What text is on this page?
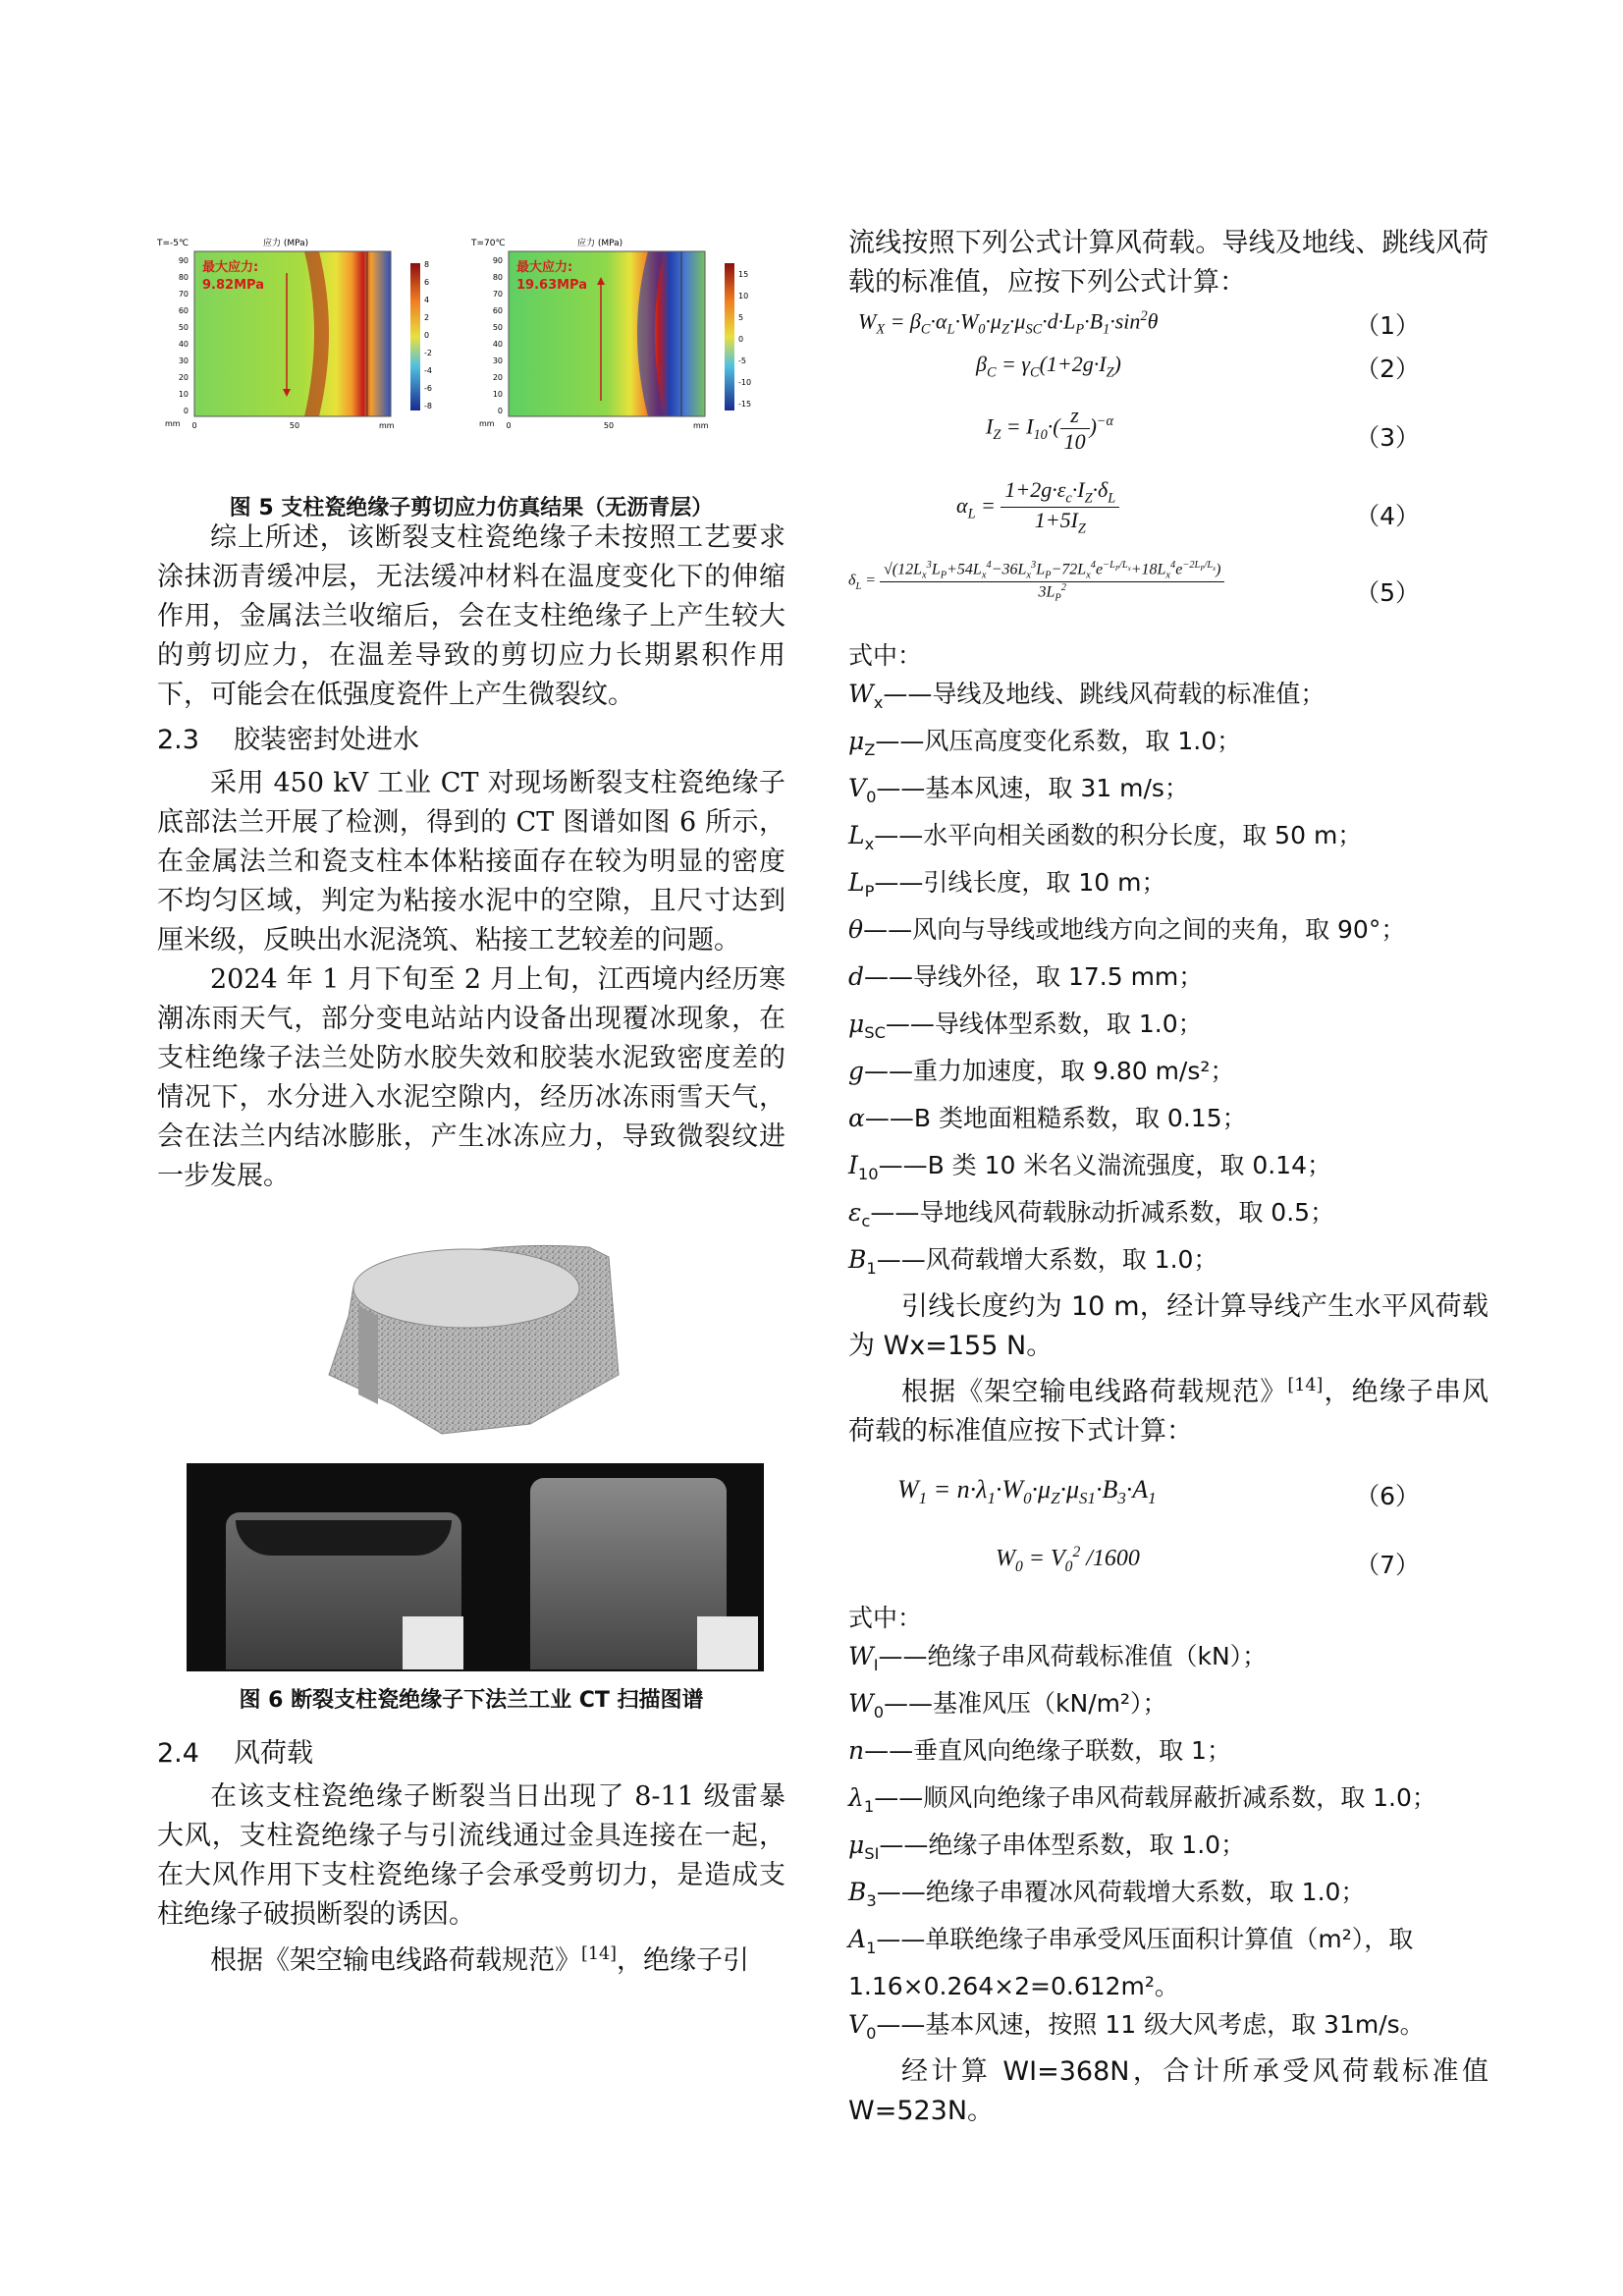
T=-5℃	应力 (MPa)
最大应力:
9.82MPa
90
80
70
60
50
40
30
20
10
0
mm 0	50	mm
8
6
4
2
0
-2
-4
-6
-8
T=70℃	应力 (MPa)
最大应力:
19.63MPa
90
80
70
60
50
40
30
20
10
0
mm 0	50	mm
15
10
5
0
-5
-10
-15
图 5 支柱瓷绝缘子剪切应力仿真结果（无沥青层）

综上所述，该断裂支柱瓷绝缘子未按照工艺要求涂抹沥青缓冲层，无法缓冲材料在温度变化下的伸缩作用，金属法兰收缩后，会在支柱绝缘子上产生较大的剪切应力，在温差导致的剪切应力长期累积作用下，可能会在低强度瓷件上产生微裂纹。

2.3 胶装密封处进水

采用 450 kV 工业 CT 对现场断裂支柱瓷绝缘子底部法兰开展了检测，得到的 CT 图谱如图 6 所示，在金属法兰和瓷支柱本体粘接面存在较为明显的密度不均匀区域，判定为粘接水泥中的空隙，且尺寸达到厘米级，反映出水泥浇筑、粘接工艺较差的问题。

2024 年 1 月下旬至 2 月上旬，江西境内经历寒潮冻雨天气，部分变电站站内设备出现覆冰现象，在支柱绝缘子法兰处防水胶失效和胶装水泥致密度差的情况下，水分进入水泥空隙内，经历冰冻雨雪天气，会在法兰内结冰膨胀，产生冰冻应力，导致微裂纹进一步发展。

图 6 断裂支柱瓷绝缘子下法兰工业 CT 扫描图谱
2.4 风荷载

在该支柱瓷绝缘子断裂当日出现了 8-11 级雷暴大风，支柱瓷绝缘子与引流线通过金具连接在一起，在大风作用下支柱瓷绝缘子会承受剪切力，是造成支柱绝缘子破损断裂的诱因。

根据《架空输电线路荷载规范》[14]，绝缘子引

流线按照下列公式计算风荷载。导线及地线、跳线风荷载的标准值，应按下列公式计算：

$W_X = \beta_C\cdot\alpha_L\cdot W_0\cdot\mu_Z\cdot\mu_{SC}\cdot d\cdot L_P\cdot B_1\cdot\sin^2\theta$	（1）
$\beta_C = \gamma_C(1+2g\cdot I_Z)$	（2）
$I_Z = I_{10}\cdot( \frac{z}{10} )^{-\alpha}$
（3）
$\alpha_L = \frac{1+2g\cdot\varepsilon_c\cdot I_Z\cdot\delta_L}{1+5I_Z}$	（4）
$\delta_L = \frac{√(12L_x^3L_P+54L_x^4-36L_x^3L_P-72L_x^4e^{-L_P/L_x}+18L_x^4e^{-2L_P/L_x})}{3L_P^2}$	（5）
式中：
$W_x——$导线及地线、跳线风荷载的标准值；
$\mu_Z——$风压高度变化系数，取 1.0；
$V_0——$基本风速，取 31 m/s；
$L_x——$水平向相关函数的积分长度，取 50 m；
$L_P——$引线长度，取 10 m；
θ——风向与导线或地线方向之间的夹角，取 90°；
d——导线外径，取 17.5 mm；
$\mu_{SC}——$导线体型系数，取 1.0；
g——重力加速度，取 9.80 m/s²；
α——B 类地面粗糙系数，取 0.15；
$I_{10}——B$ 类 10 米名义湍流强度，取 0.14；
$\varepsilon_c——$导地线风荷载脉动折减系数，取 0.5；
$B_1——$风荷载增大系数，取 1.0；

引线长度约为 10 m，经计算导线产生水平风荷载为 Wx=155 N。

根据《架空输电线路荷载规范》[14]，绝缘子串风荷载的标准值应按下式计算：

$W_1 = n\cdot\lambda_1\cdot W_0\cdot\mu_Z\cdot\mu_{S1}\cdot B_3\cdot A_1$	（6）
$W_0 = V_0^2$ /1600	（7）
式中：
$W_I——$绝缘子串风荷载标准值（kN）；
$W_0——$基准风压（kN/m²）；
n——垂直风向绝缘子联数，取 1；
$\lambda_1——$顺风向绝缘子串风荷载屏蔽折减系数，取 1.0；
$\mu_{SI}——$绝缘子串体型系数，取 1.0；
$B_3——$绝缘子串覆冰风荷载增大系数，取 1.0；
$A_1——$单联绝缘子串承受风压面积计算值（m²），取 1.16×0.264×2=0.612m²。
$V_0——$基本风速，按照 11 级大风考虑，取 31m/s。

经计算 WI=368N，合计所承受风荷载标准值 W=523N。
